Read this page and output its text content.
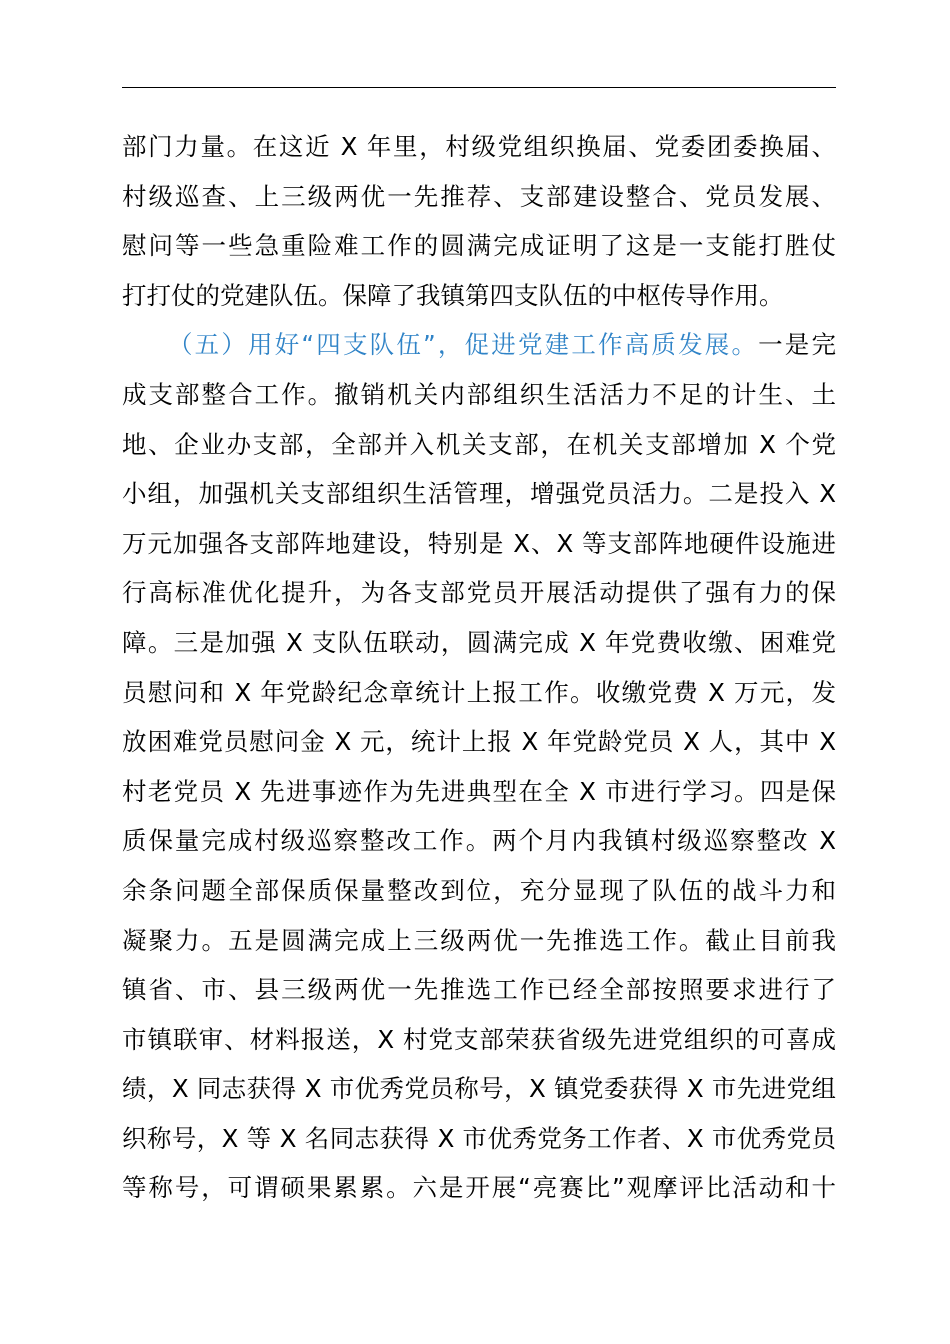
部门力量。在这近 X 年里，村级党组织换届、党委团委换届、
村级巡查、上三级两优一先推荐、支部建设整合、党员发展、
慰问等一些急重险难工作的圆满完成证明了这是一支能打胜仗
打打仗的党建队伍。保障了我镇第四支队伍的中枢传导作用。
（五）用好“四支队伍”，促进党建工作高质发展。一是完
成支部整合工作。撤销机关内部组织生活活力不足的计生、土
地、企业办支部，全部并入机关支部，在机关支部增加 X 个党
小组，加强机关支部组织生活管理，增强党员活力。二是投入 X
万元加强各支部阵地建设，特别是 X、X 等支部阵地硬件设施进
行高标准优化提升，为各支部党员开展活动提供了强有力的保
障。三是加强 X 支队伍联动，圆满完成 X 年党费收缴、困难党
员慰问和 X 年党龄纪念章统计上报工作。收缴党费 X 万元，发
放困难党员慰问金 X 元，统计上报 X 年党龄党员 X 人，其中 X
村老党员 X 先进事迹作为先进典型在全 X 市进行学习。四是保
质保量完成村级巡察整改工作。两个月内我镇村级巡察整改 X
余条问题全部保质保量整改到位，充分显现了队伍的战斗力和
凝聚力。五是圆满完成上三级两优一先推选工作。截止目前我
镇省、市、县三级两优一先推选工作已经全部按照要求进行了
市镇联审、材料报送，X 村党支部荣获省级先进党组织的可喜成
绩，X 同志获得 X 市优秀党员称号，X 镇党委获得 X 市先进党组
织称号，X 等 X 名同志获得 X 市优秀党务工作者、X 市优秀党员
等称号，可谓硕果累累。六是开展“亮赛比”观摩评比活动和十
